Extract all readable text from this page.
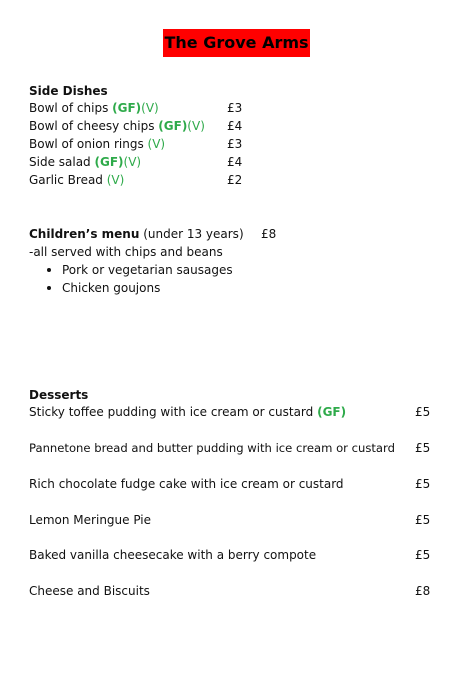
The Grove Arms
Side Dishes
Bowl of chips (GF)(V)	£3
Bowl of cheesy chips (GF)(V) £4
Bowl of onion rings (V)	£3
Side salad (GF)(V)	£4
Garlic Bread (V)	£2
Children’s menu (under 13 years) £8
-all served with chips and beans
Pork or vegetarian sausages
Chicken goujons
Desserts
Sticky toffee pudding with ice cream or custard (GF)	£5
Pannetone bread and butter pudding with ice cream or custard £5
Rich chocolate fudge cake with ice cream or custard	£5
Lemon Meringue Pie	£5
Baked vanilla cheesecake with a berry compote	£5
Cheese and Biscuits	£8
